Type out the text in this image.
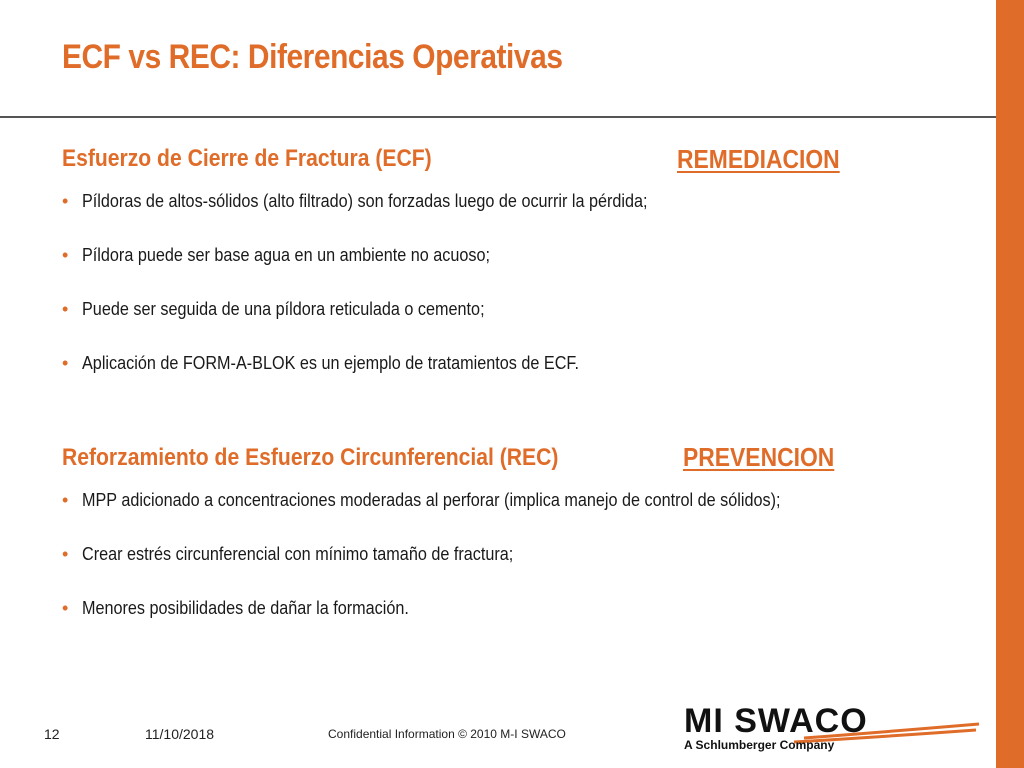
ECF vs REC: Diferencias Operativas
Esfuerzo de Cierre de Fractura (ECF)	REMEDIACION
• Píldoras de altos-sólidos (alto filtrado) son forzadas luego de ocurrir la pérdida;
• Píldora puede ser base agua en un ambiente no acuoso;
• Puede ser seguida de una píldora reticulada o cemento;
• Aplicación de FORM-A-BLOK es un ejemplo de tratamientos de ECF.
Reforzamiento de Esfuerzo Circunferencial (REC)	PREVENCION
• MPP adicionado a concentraciones moderadas al perforar (implica manejo de control de sólidos);
• Crear estrés circunferencial con mínimo tamaño de fractura;
• Menores posibilidades de dañar la formación.
12	11/10/2018	Confidential Information © 2010 M-I SWACO	MI SWACO
A Schlumberger Company
